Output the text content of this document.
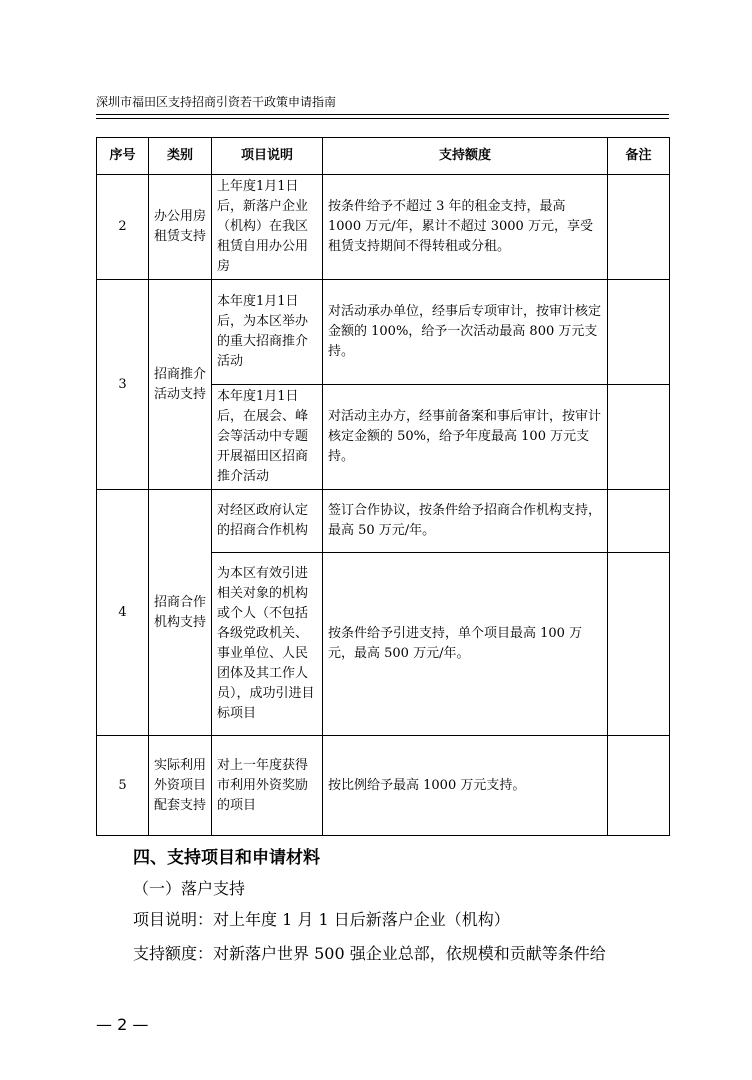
深圳市福田区支持招商引资若干政策申请指南
序号	类别	项目说明	支持额度	备注
2	办公用房租赁支持	上年度1月1日后，新落户企业（机构）在我区租赁自用办公用房	按条件给予不超过 3 年的租金支持，最高 1000 万元/年，累计不超过 3000 万元，享受租赁支持期间不得转租或分租。	
3	招商推介活动支持	本年度1月1日后，为本区举办的重大招商推介活动	对活动承办单位，经事后专项审计，按审计核定金额的 100%，给予一次活动最高 800 万元支持。	
		本年度1月1日后，在展会、峰会等活动中专题开展福田区招商推介活动	对活动主办方，经事前备案和事后审计，按审计核定金额的 50%，给予年度最高 100 万元支持。	
4	招商合作机构支持	对经区政府认定的招商合作机构	签订合作协议，按条件给予招商合作机构支持，最高 50 万元/年。	
		为本区有效引进相关对象的机构或个人（不包括各级党政机关、事业单位、人民团体及其工作人员），成功引进目标项目	按条件给予引进支持，单个项目最高 100 万元，最高 500 万元/年。	
5	实际利用外资项目配套支持	对上一年度获得市利用外资奖励的项目	按比例给予最高 1000 万元支持。	
四、支持项目和申请材料
（一）落户支持
项目说明：对上年度 1 月 1 日后新落户企业（机构）
支持额度：对新落户世界 500 强企业总部，依规模和贡献等条件给
— 2 —
